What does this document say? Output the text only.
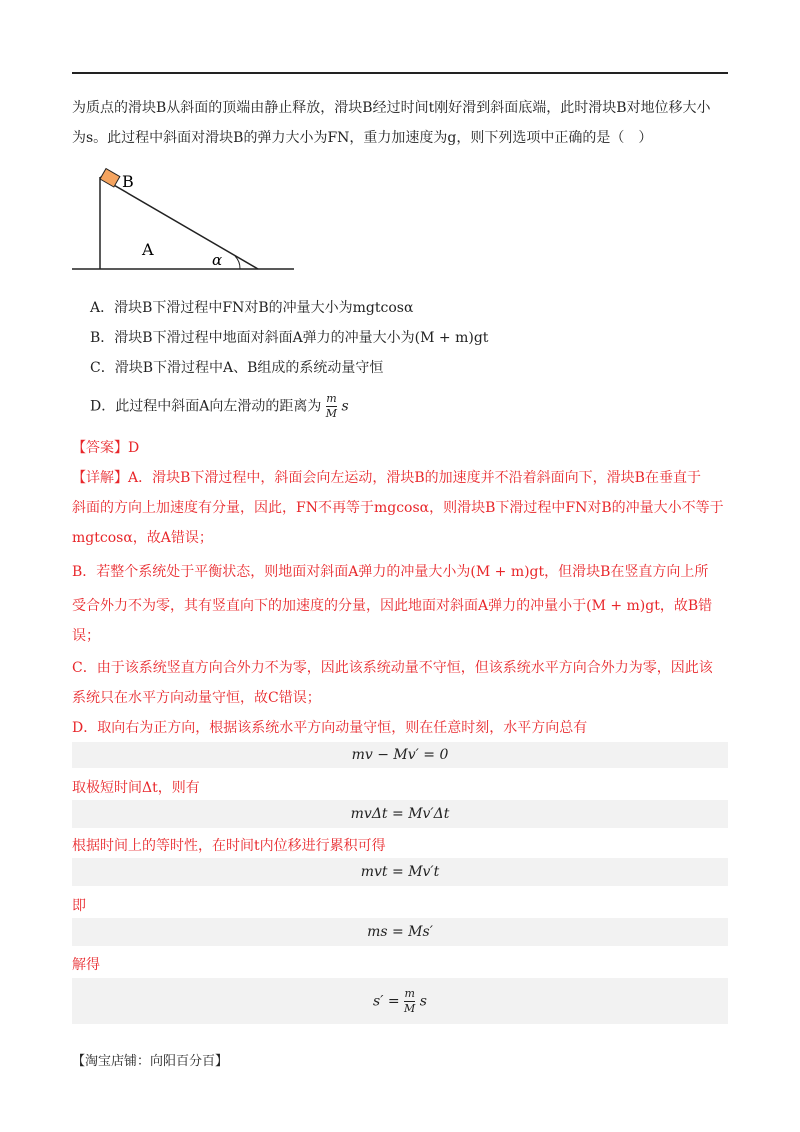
为质点的滑块B从斜面的顶端由静止释放，滑块B经过时间t刚好滑到斜面底端，此时滑块B对地位移大小
为s。此过程中斜面对滑块B的弹力大小为FN，重力加速度为g，则下列选项中正确的是（　）
B
A
α
A．滑块B下滑过程中FN对B的冲量大小为mgtcosα
B．滑块B下滑过程中地面对斜面A弹力的冲量大小为(M + m)gt
C．滑块B下滑过程中A、B组成的系统动量守恒
D．此过程中斜面A向左滑动的距离为 $\frac{m}{M}$ s
【答案】D
【详解】A．滑块B下滑过程中，斜面会向左运动，滑块B的加速度并不沿着斜面向下，滑块B在垂直于
斜面的方向上加速度有分量，因此，FN不再等于mgcosα，则滑块B下滑过程中FN对B的冲量大小不等于
mgtcosα，故A错误；
B．若整个系统处于平衡状态，则地面对斜面A弹力的冲量大小为(M + m)gt，但滑块B在竖直方向上所
受合外力不为零，其有竖直向下的加速度的分量，因此地面对斜面A弹力的冲量小于(M + m)gt，故B错
误；
C．由于该系统竖直方向合外力不为零，因此该系统动量不守恒，但该系统水平方向合外力为零，因此该
系统只在水平方向动量守恒，故C错误；
D．取向右为正方向，根据该系统水平方向动量守恒，则在任意时刻，水平方向总有
mv − Mv′ = 0
取极短时间Δt，则有
mvΔt = Mv′Δt
根据时间上的等时性，在时间t内位移进行累积可得
mvt = Mv′t
即
ms = Ms′
解得
$s' = \frac{m}{M}$ s
【淘宝店铺：向阳百分百】
